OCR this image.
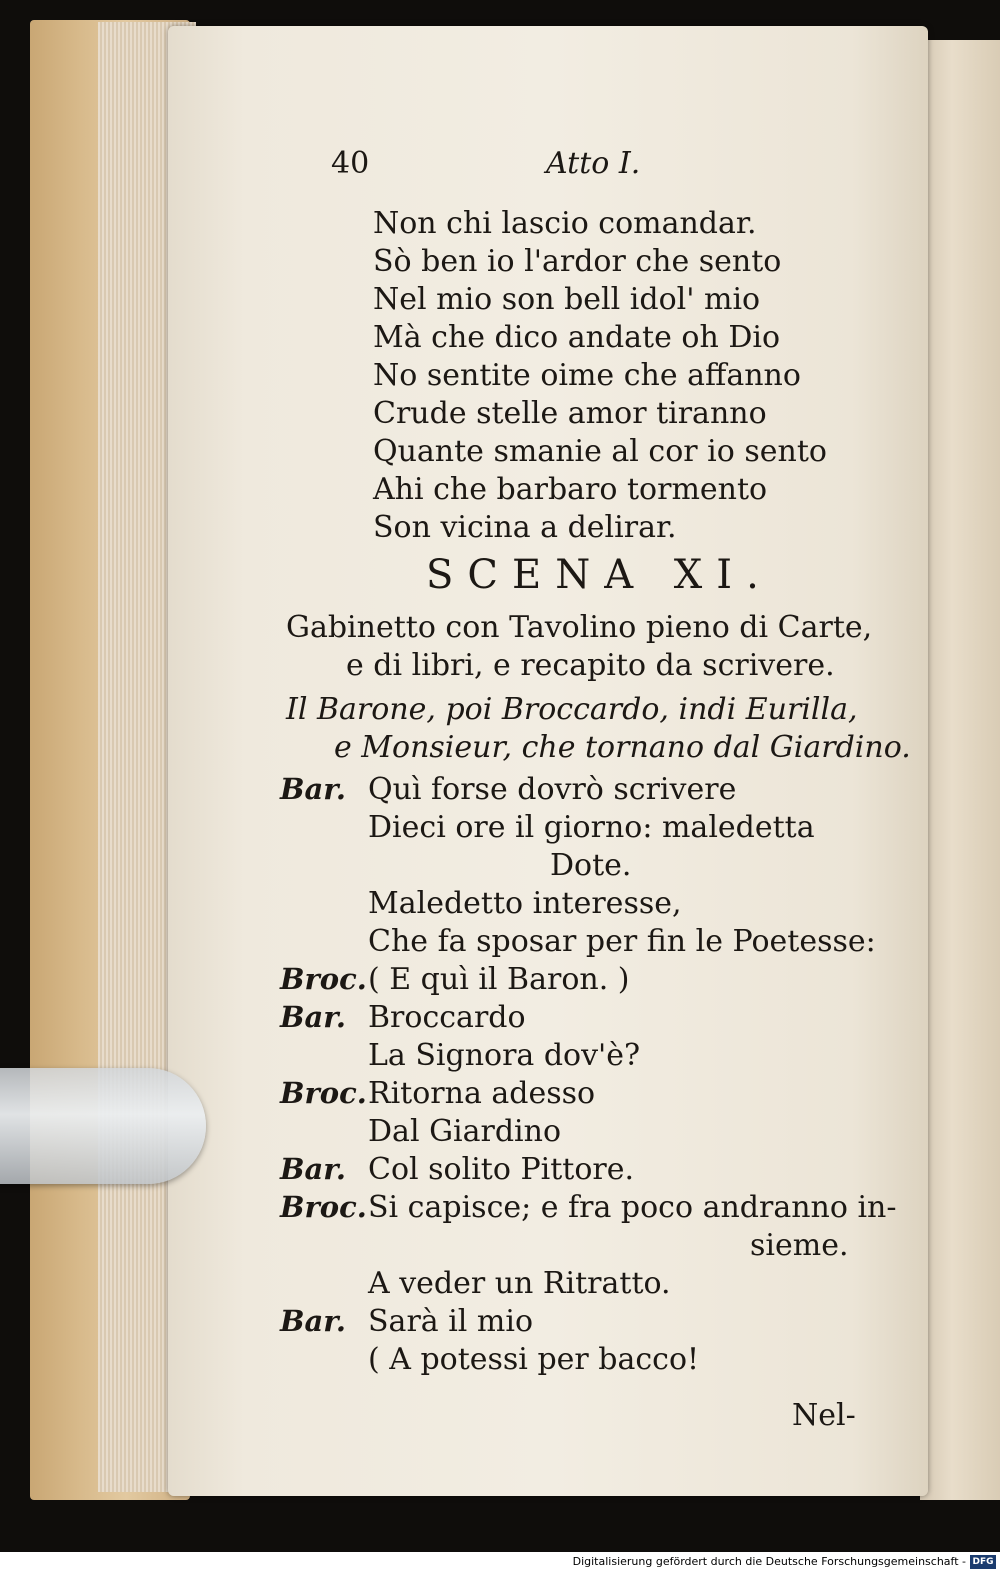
40	Atto I.
Non chi lascio comandar.
Sò ben io l'ardor che sento
Nel mio son bell idol' mio
Mà che dico andate oh Dio
No sentite oime che affanno
Crude stelle amor tiranno
Quante smanie al cor io sento
Ahi che barbaro tormento
Son vicina a delirar.
SCENA XI.
Gabinetto con Tavolino pieno di Carte,
e di libri, e recapito da scrivere.
Il Barone, poi Broccardo, indi Eurilla,
e Monsieur, che tornano dal Giardino.
Bar. Quì forse dovrò scrivere
Dieci ore il giorno: maledetta
Dote.
Maledetto interesse,
Che fa sposar per fin le Poetesse:
Broc. ( E quì il Baron. )
Bar. Broccardo
La Signora dov'è?
Broc. Ritorna adesso
Dal Giardino
Bar. Col solito Pittore.
Broc. Si capisce; e fra poco andranno in-
sieme.
A veder un Ritratto.
Bar. Sarà il mio
( A potessi per bacco!
Nel-
Digitalisierung gefördert durch die Deutsche Forschungsgemeinschaft - DFG
